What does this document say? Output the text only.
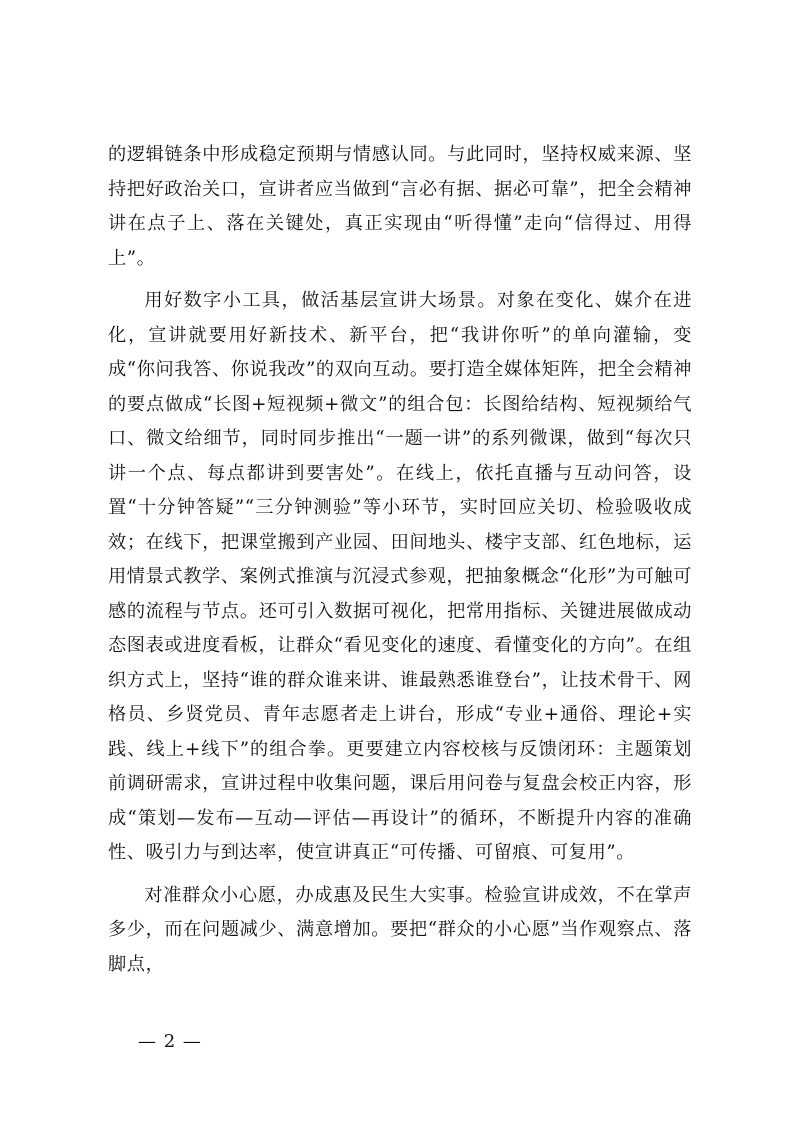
的逻辑链条中形成稳定预期与情感认同。与此同时，坚持权威来源、坚持把好政治关口，宣讲者应当做到“言必有据、据必可靠”，把全会精神讲在点子上、落在关键处，真正实现由“听得懂”走向“信得过、用得上”。

用好数字小工具，做活基层宣讲大场景。对象在变化、媒介在进化，宣讲就要用好新技术、新平台，把“我讲你听”的单向灌输，变成“你问我答、你说我改”的双向互动。要打造全媒体矩阵，把全会精神的要点做成“长图+短视频+微文”的组合包：长图给结构、短视频给气口、微文给细节，同时同步推出“一题一讲”的系列微课，做到“每次只讲一个点、每点都讲到要害处”。在线上，依托直播与互动问答，设置“十分钟答疑”“三分钟测验”等小环节，实时回应关切、检验吸收成效；在线下，把课堂搬到产业园、田间地头、楼宇支部、红色地标，运用情景式教学、案例式推演与沉浸式参观，把抽象概念“化形”为可触可感的流程与节点。还可引入数据可视化，把常用指标、关键进展做成动态图表或进度看板，让群众“看见变化的速度、看懂变化的方向”。在组织方式上，坚持“谁的群众谁来讲、谁最熟悉谁登台”，让技术骨干、网格员、乡贤党员、青年志愿者走上讲台，形成“专业+通俗、理论+实践、线上+线下”的组合拳。更要建立内容校核与反馈闭环：主题策划前调研需求，宣讲过程中收集问题，课后用问卷与复盘会校正内容，形成“策划—发布—互动—评估—再设计”的循环，不断提升内容的准确性、吸引力与到达率，使宣讲真正“可传播、可留痕、可复用”。

对准群众小心愿，办成惠及民生大实事。检验宣讲成效，不在掌声多少，而在问题减少、满意增加。要把“群众的小心愿”当作观察点、落脚点，

— 2 —
